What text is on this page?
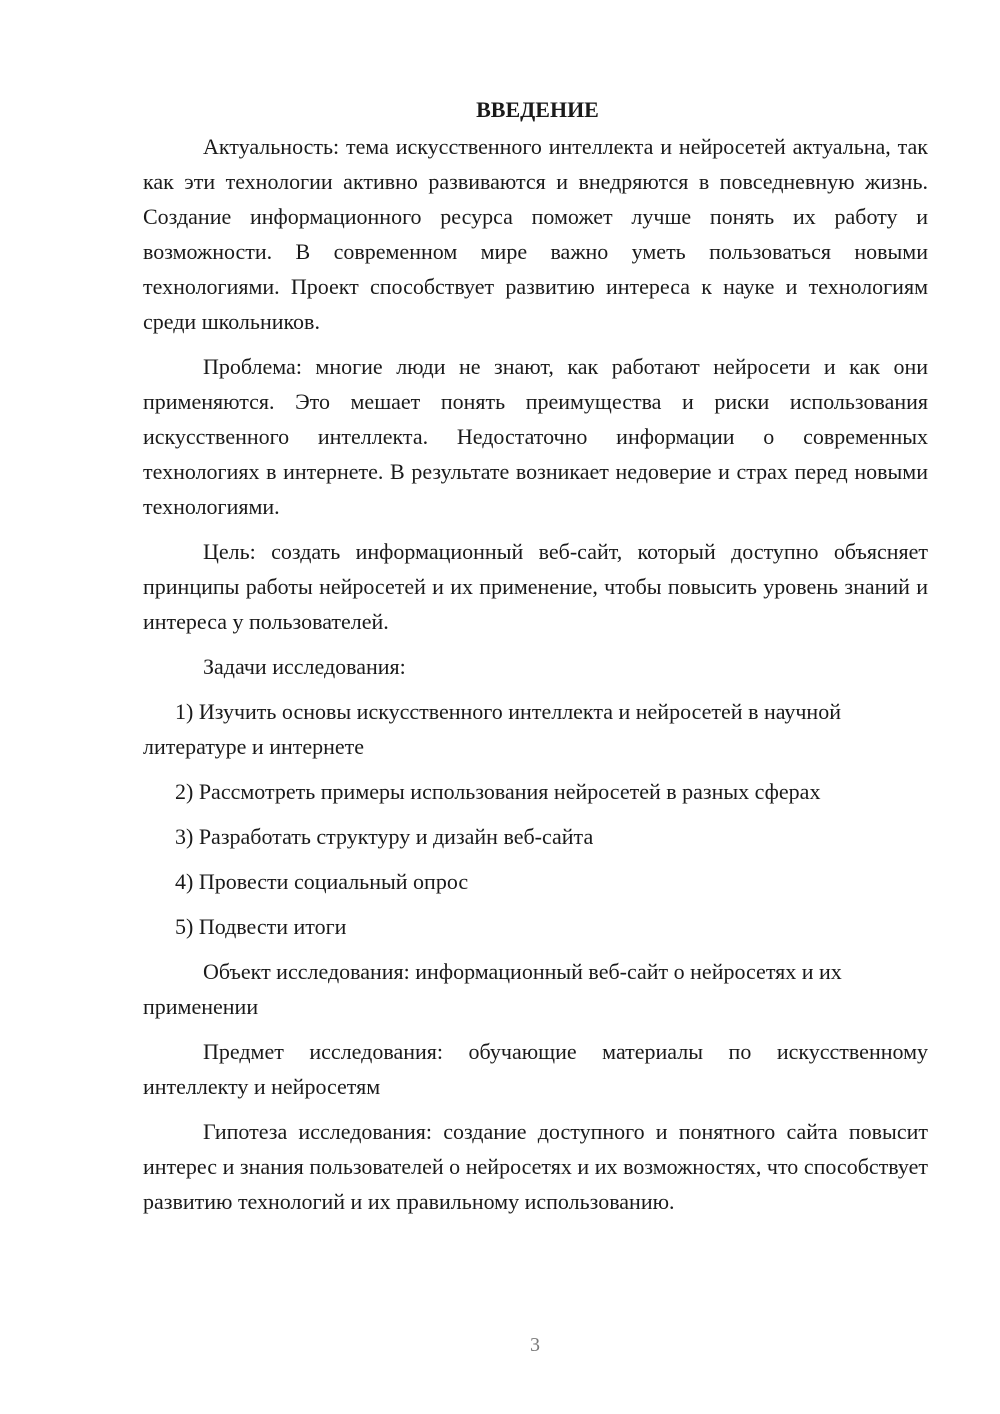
ВВЕДЕНИЕ

Актуальность: тема искусственного интеллекта и нейросетей актуальна, так как эти технологии активно развиваются и внедряются в повседневную жизнь. Создание информационного ресурса поможет лучше понять их работу и возможности. В современном мире важно уметь пользоваться новыми технологиями. Проект способствует развитию интереса к науке и технологиям среди школьников.

Проблема: многие люди не знают, как работают нейросети и как они применяются. Это мешает понять преимущества и риски использования искусственного интеллекта. Недостаточно информации о современных технологиях в интернете. В результате возникает недоверие и страх перед новыми технологиями.

Цель: создать информационный веб-сайт, который доступно объясняет принципы работы нейросетей и их применение, чтобы повысить уровень знаний и интереса у пользователей.

Задачи исследования:

1) Изучить основы искусственного интеллекта и нейросетей в научной литературе и интернете

2) Рассмотреть примеры использования нейросетей в разных сферах

3) Разработать структуру и дизайн веб-сайта

4) Провести социальный опрос

5) Подвести итоги

Объект исследования: информационный веб-сайт о нейросетях и их применении

Предмет исследования: обучающие материалы по искусственному интеллекту и нейросетям

Гипотеза исследования: создание доступного и понятного сайта повысит интерес и знания пользователей о нейросетях и их возможностях, что способствует развитию технологий и их правильному использованию.

3
